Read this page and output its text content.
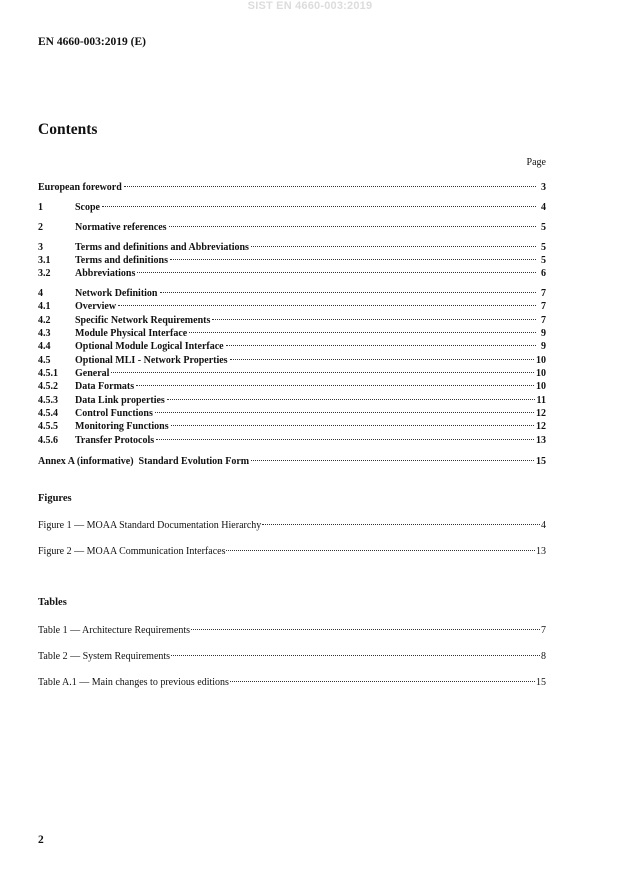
SIST EN 4660-003:2019
EN 4660-003:2019 (E)
Contents
Page
European foreword	3
1	Scope	4
2	Normative references	5
3	Terms and definitions and Abbreviations	5
3.1	Terms and definitions	5
3.2	Abbreviations	6
4	Network Definition	7
4.1	Overview	7
4.2	Specific Network Requirements	7
4.3	Module Physical Interface	9
4.4	Optional Module Logical Interface	9
4.5	Optional MLI - Network Properties	10
4.5.1	General	10
4.5.2	Data Formats	10
4.5.3	Data Link properties	11
4.5.4	Control Functions	12
4.5.5	Monitoring Functions	12
4.5.6	Transfer Protocols	13
Annex A (informative)  Standard Evolution Form	15
Figures
Figure 1 — MOAA Standard Documentation Hierarchy	4
Figure 2 — MOAA Communication Interfaces	13
Tables
Table 1 — Architecture Requirements	7
Table 2 — System Requirements	8
Table A.1 — Main changes to previous editions	15
2
